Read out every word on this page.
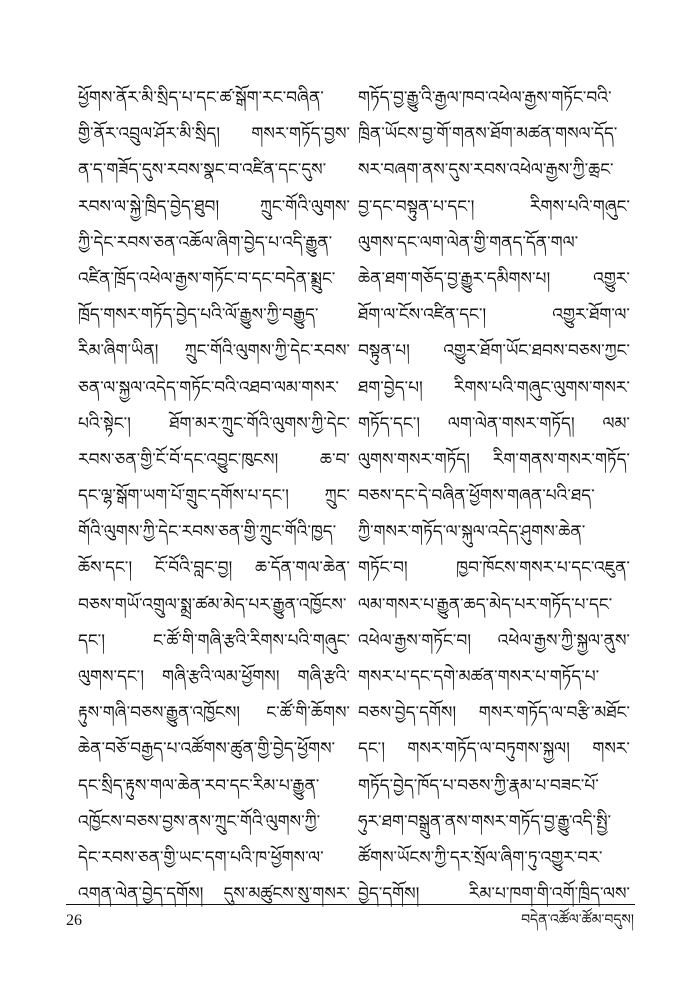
ཕྱོགས་ནོར་མི་སྲིད་པ་དང་ཚ་སྒོག་རང་བཞིན་
གྱི་ནོར་འབྲུལ་ཤོར་མི་སྲིད། གསར་གཏོད་བྱས་
ན་ད་གཟོད་དུས་རབས་སྣང་བ་འཛིན་དང་དུས་
རབས་ལ་སྐྱེ་ཁྲིད་བྱེད་ཐུབ། ཀྲུང་གོའི་ལུགས་
ཀྱི་དེང་རབས་ཅན་འཆོལ་ཞིག་བྱེད་པ་འདི་རྒྱུན་
འཛིན་ཁྲོད་འཕེལ་རྒྱས་གཏོང་བ་དང་བདེན་སྨྲུང་
ཁྲོད་གསར་གཏོད་བྱེད་པའི་ལོ་རྒྱུས་ཀྱི་བརྒྱུད་
རིམ་ཞིག་ཡིན། ཀྲུང་གོའི་ལུགས་ཀྱི་དེང་རབས་
ཅན་ལ་སྐྱལ་འདེད་གཏོང་བའི་འཐབ་ལམ་གསར་
པའི་སྟེང་། ཐོག་མར་ཀྲུང་གོའི་ལུགས་ཀྱི་དེང་
རབས་ཅན་གྱི་ངོ་བོ་དང་འབྱུང་ཁུངས། ཆ་བ་
དང་ལྷ་སྒོག་ཡག་པོ་གྲུང་དགོས་པ་དང་། ཀྲུང་
གོའི་ལུགས་ཀྱི་དེང་རབས་ཅན་གྱི་ཀྲུང་གོའི་ཁྱད་
ཆོས་དང་། ངོ་བོའི་བླང་བྱ། ཆ་དོན་གལ་ཆེན་
བཅས་གཡོ་འགྲུལ་སྨྲ་ཚམ་མེད་པར་རྒྱུན་འཁྱོངས་
དང་། ང་ཚོ་གི་གཞི་རྩའི་རིགས་པའི་གཞུང་
ལུགས་དང་། གཞི་རྩའི་ལམ་ཕྱོགས། གཞི་རྩའི་
རྟུས་གཞི་བཅས་རྒྱུན་འཁྱོངས། ང་ཚོ་གི་ཆོགས་
ཆེན་བཅོ་བརྒྱད་པ་འཚོགས་ཚུན་གྱི་བྱེད་ཕྱོགས་
དང་སྲིད་རྟུས་གལ་ཆེན་རབ་དང་རིམ་པ་རྒྱུན་
འཁྱོངས་བཅས་བྱས་ནས་ཀྲུང་གོའི་ལུགས་ཀྱི་
དེང་རབས་ཅན་གྱི་ཡང་དག་པའི་ཁ་ཕྱོགས་ལ་
འགན་ལེན་བྱེད་དགོས། དུས་མཚུངས་སུ་གསར་
གཏོད་བྱ་རྒྱུ་འི་རྒྱལ་ཁབ་འཕེལ་རྒྱས་གཏོང་བའི་
ཁྲིན་ཡོངས་བྱ་གོ་གནས་ཐོག་མཚན་གསལ་དོད་
སར་བཞག་ནས་དུས་རབས་འཕེལ་རྒྱས་ཀྱི་ཆྲང་
བྱ་དང་བསྟུན་པ་དང་། རིགས་པའི་གཞུང་
ལུགས་དང་ལག་ལེན་གྱི་གནད་དོན་གལ་
ཆེན་ཐག་གཅོད་བྱ་རྒྱུར་དམིགས་པ། འགྱུར་
ཐོག་ལ་ངོས་འཛིན་དང་། འགྱུར་ཐོག་ལ་
བསྟུན་པ། འགྱུར་ཐོག་ཡོང་ཐབས་བཅས་ཀྱང་
ཐག་བྱེད་པ། རིགས་པའི་གཞུང་ལུགས་གསར་
གཏོད་དང་། ལག་ལེན་གསར་གཏོད། ལམ་
ལུགས་གསར་གཏོད། རིག་གནས་གསར་གཏོད་
བཅས་དང་དེ་བཞིན་ཕྱོགས་གཞན་པའི་ཐད་
ཀྱི་གསར་གཏོད་ལ་སྐུལ་འདེད་ཤུགས་ཆེན་
གཏོང་བ། ཁྱབ་ཁོངས་གསར་པ་དང་འཇུན་
ལམ་གསར་པ་རྒྱུན་ཆད་མེད་པར་གཏོད་པ་དང་
འཕེལ་རྒྱས་གཏོང་བ། འཕེལ་རྒྱས་ཀྱི་སྐྱལ་ནུས་
གསར་པ་དང་དགེ་མཚན་གསར་པ་གཏོད་པ་
བཅས་བྱེད་དགོས། གསར་གཏོད་ལ་བརྩི་མཐོང་
དང་། གསར་གཏོད་ལ་བཏུགས་སྐྱལ། གསར་
གཏོད་བྱེད་ཁོད་པ་བཅས་ཀྱི་རྣམ་པ་བཟང་པོ་
ཧུར་ཐག་བསྒྲུན་ནས་གསར་གཏོད་བྱ་རྒྱུ་འདི་སྤྱི་
ཚོགས་ཡོངས་ཀྱི་དར་སྲོལ་ཞིག་ཏུ་འགྱུར་བར་
བྱེད་དགོས། རིམ་པ་ཁག་གི་འགོ་ཁྲིད་ལས་
26	བདེན་འཚོལ་ཚོམ་བདུས།
